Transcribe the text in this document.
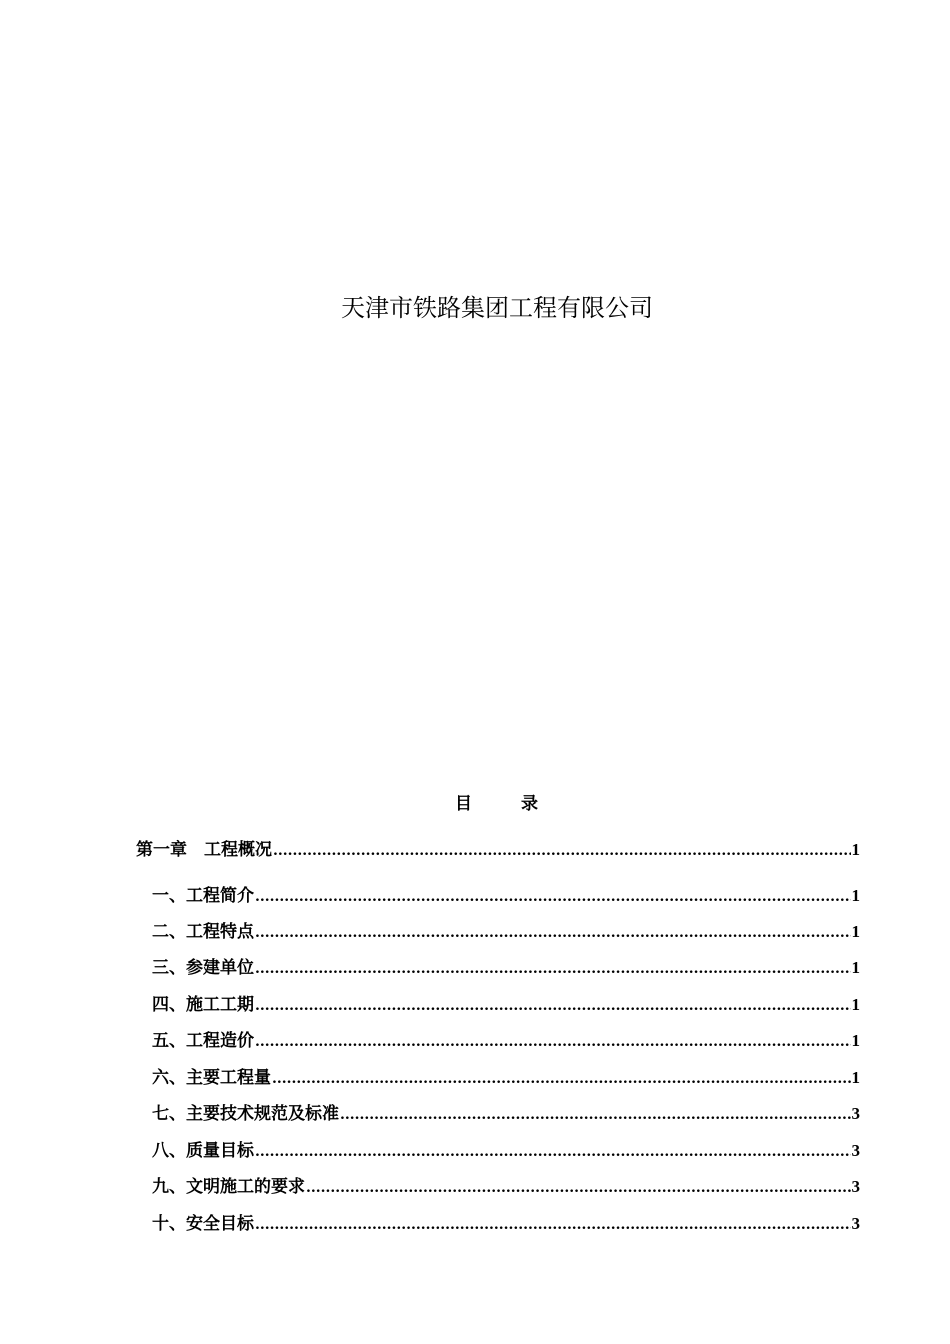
天津市铁路集团工程有限公司
目	录
第一章　工程概况 .....	1
一、工程简介 .....	1
二、工程特点 .....	1
三、参建单位 .....	1
四、施工工期 .....	1
五、工程造价 .....	1
六、主要工程量 .....	1
七、主要技术规范及标准 .....	3
八、质量目标 .....	3
九、文明施工的要求 .....	3
十、安全目标 .....	3
